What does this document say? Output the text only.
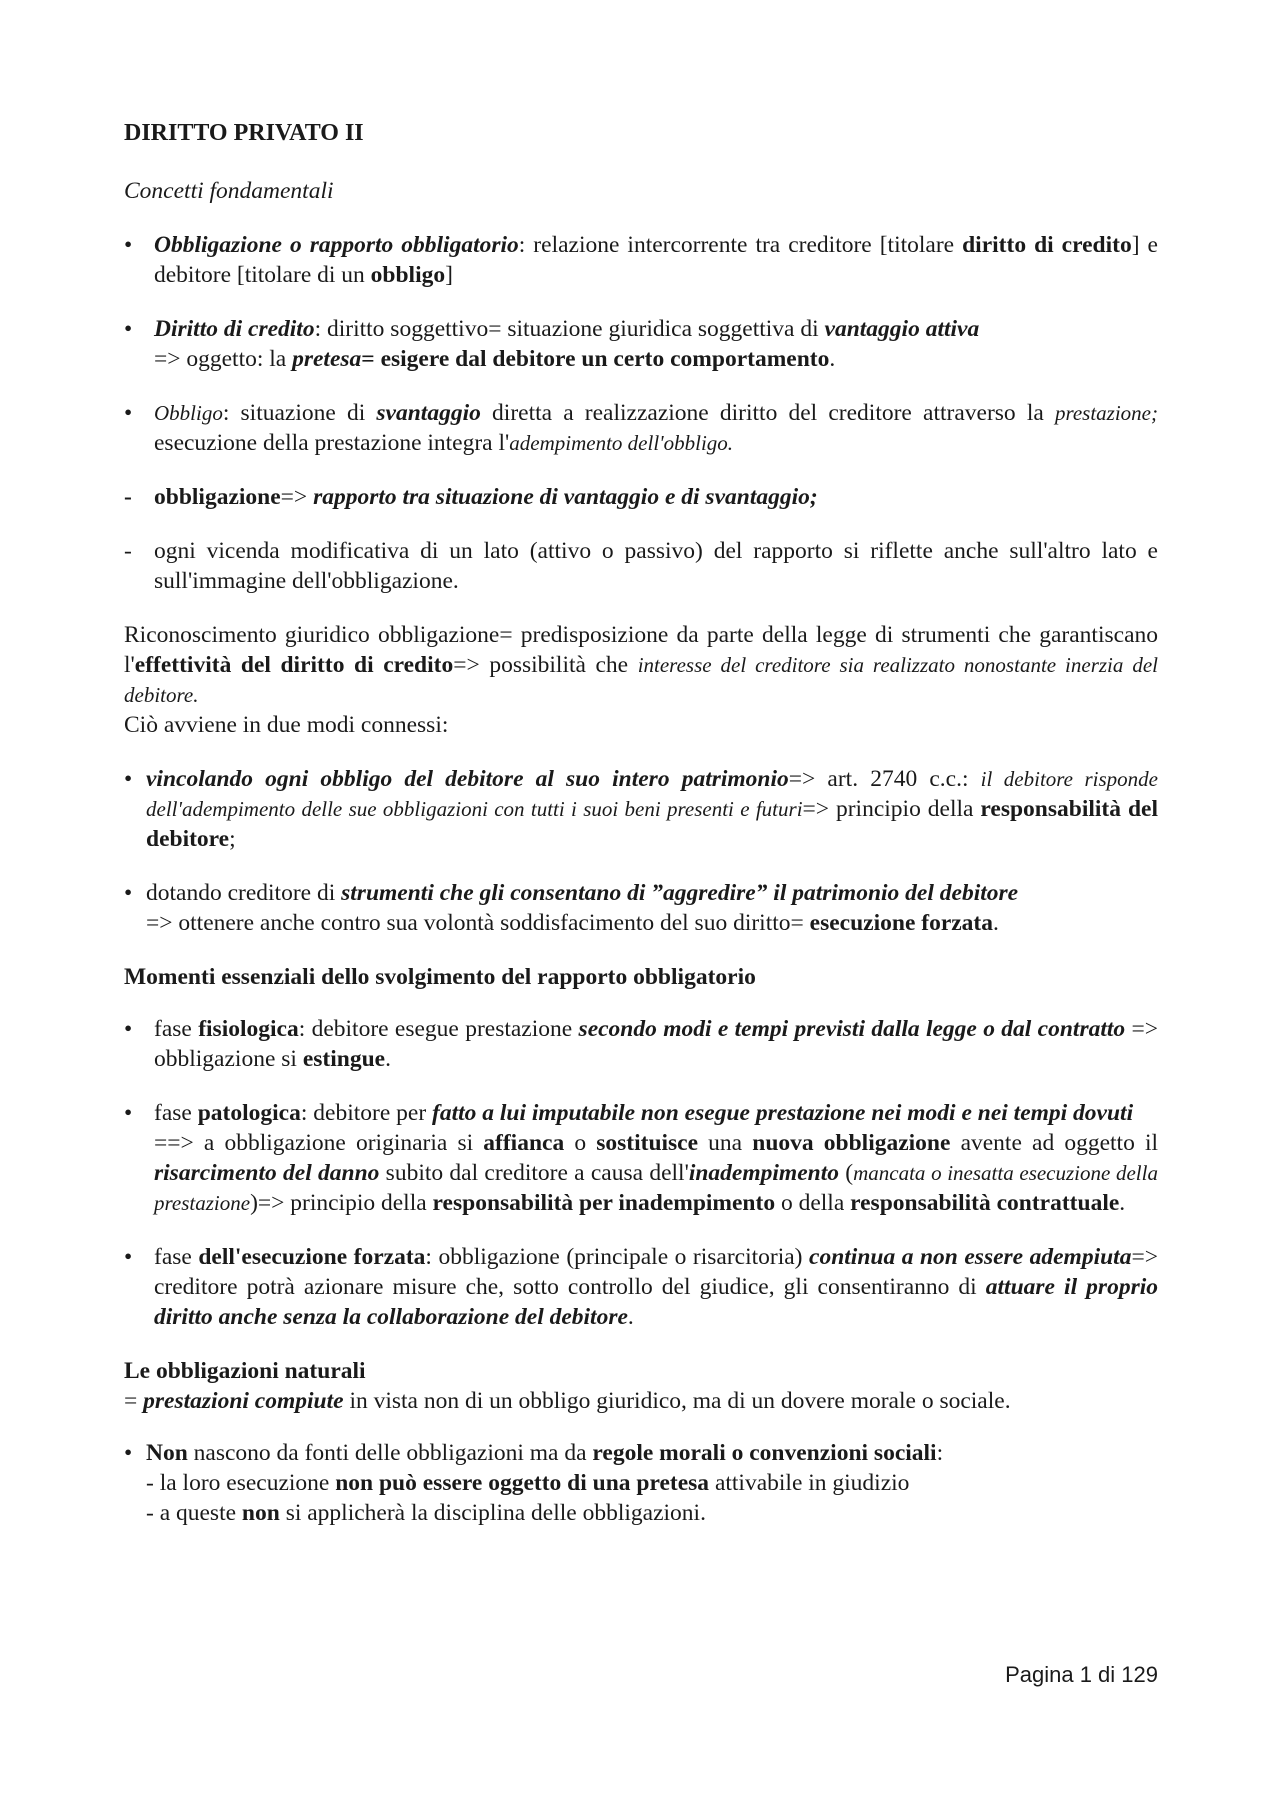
DIRITTO PRIVATO II

Concetti fondamentali

• Obbligazione o rapporto obbligatorio: relazione intercorrente tra creditore [titolare diritto di credito] e debitore [titolare di un obbligo]
• Diritto di credito: diritto soggettivo= situazione giuridica soggettiva di vantaggio attiva
=> oggetto: la pretesa= esigere dal debitore un certo comportamento.
•	Obbligo: situazione di svantaggio diretta a realizzazione diritto del creditore attraverso la prestazione; esecuzione della prestazione integra l'adempimento dell'obbligo.
- obbligazione=> rapporto tra situazione di vantaggio e di svantaggio;
- ogni vicenda modificativa di un lato (attivo o passivo) del rapporto si riflette anche sull'altro lato e sull'immagine dell'obbligazione.
Riconoscimento giuridico obbligazione= predisposizione da parte della legge di strumenti che garantiscano l'effettività del diritto di credito=> possibilità che interesse del creditore sia realizzato nonostante inerzia del debitore.
Ciò avviene in due modi connessi:
• vincolando ogni obbligo del debitore al suo intero patrimonio=> art. 2740 c.c.: il debitore risponde dell'adempimento delle sue obbligazioni con tutti i suoi beni presenti e futuri=> principio della responsabilità del debitore;
• dotando creditore di strumenti che gli consentano di ”aggredire” il patrimonio del debitore
=> ottenere anche contro sua volontà soddisfacimento del suo diritto= esecuzione forzata.

Momenti essenziali dello svolgimento del rapporto obbligatorio

• fase fisiologica: debitore esegue prestazione secondo modi e tempi previsti dalla legge o dal contratto => obbligazione si estingue.
• fase patologica: debitore per fatto a lui imputabile non esegue prestazione nei modi e nei tempi dovuti
==> a obbligazione originaria si affianca o sostituisce una nuova obbligazione avente ad oggetto il risarcimento del danno subito dal creditore a causa dell'inadempimento (mancata o inesatta esecuzione della prestazione)=> principio della responsabilità per inadempimento o della responsabilità contrattuale.
• fase dell'esecuzione forzata: obbligazione (principale o risarcitoria) continua a non essere adempiuta=> creditore potrà azionare misure che, sotto controllo del giudice, gli consentiranno di attuare il proprio diritto anche senza la collaborazione del debitore.
Le obbligazioni naturali
= prestazioni compiute in vista non di un obbligo giuridico, ma di un dovere morale o sociale.
• Non nascono da fonti delle obbligazioni ma da regole morali o convenzioni sociali:
- la loro esecuzione non può essere oggetto di una pretesa attivabile in giudizio
- a queste non si applicherà la disciplina delle obbligazioni.
Pagina 1 di 129
